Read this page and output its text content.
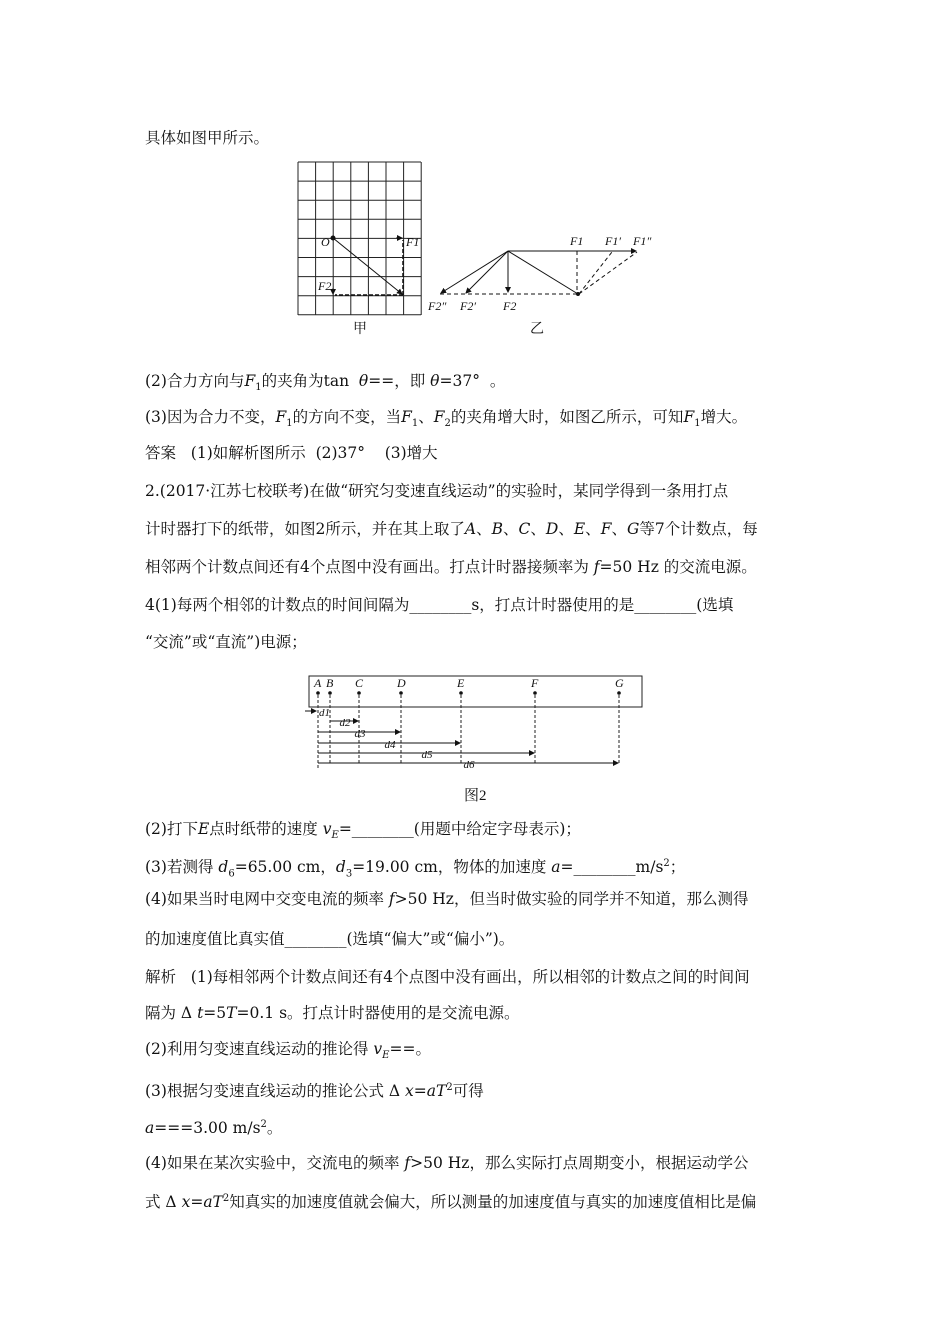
具体如图甲所示。
(2)合力方向与$F_1$的夹角为tan  θ==，即 θ=37°  。
(3)因为合力不变，$F_1$的方向不变，当$F_1$、$F_2$的夹角增大时，如图乙所示，可知$F_1$增大。
答案   (1)如解析图所示  (2)37°    (3)增大
2.(2017·江苏七校联考)在做“研究匀变速直线运动”的实验时，某同学得到一条用打点
计时器打下的纸带，如图2所示，并在其上取了A、B、C、D、E、F、G等7个计数点，每
相邻两个计数点间还有4个点图中没有画出。打点计时器接频率为 f=50 Hz 的交流电源。
4(1)每两个相邻的计数点的时间间隔为________s，打点计时器使用的是________(选填
“交流”或“直流”)电源；
(2)打下E点时纸带的速度 $v_E=\_\_\_\_\_\_\_\_$(用题中给定字母表示)；
(3)若测得 $d_6=65.00$ cm，$d_3=19.00$ cm，物体的加速度 $a=\_\_\_\_\_\_\_\_m/s^2$；
(4)如果当时电网中交变电流的频率 f>50 Hz，但当时做实验的同学并不知道，那么测得
的加速度值比真实值________(选填“偏大”或“偏小”)。
解析   (1)每相邻两个计数点间还有4个点图中没有画出，所以相邻的计数点之间的时间间
隔为 Δ t=5T=0.1 s。打点计时器使用的是交流电源。
(2)利用匀变速直线运动的推论得 $v_E==$。
(3)根据匀变速直线运动的推论公式 Δ $x=aT^2$可得
a===3.00 $m/s^2$。
(4)如果在某次实验中，交流电的频率 f>50 Hz，那么实际打点周期变小，根据运动学公
式 Δ $x=aT^2$知真实的加速度值就会偏大，所以测量的加速度值与真实的加速度值相比是偏
O	F1
F2
F1 F1′ F1″
F2″ F2′ F2
甲	乙
A B C	D	E	F	G
d1
d2
d3
d4
d5
d6
图2
